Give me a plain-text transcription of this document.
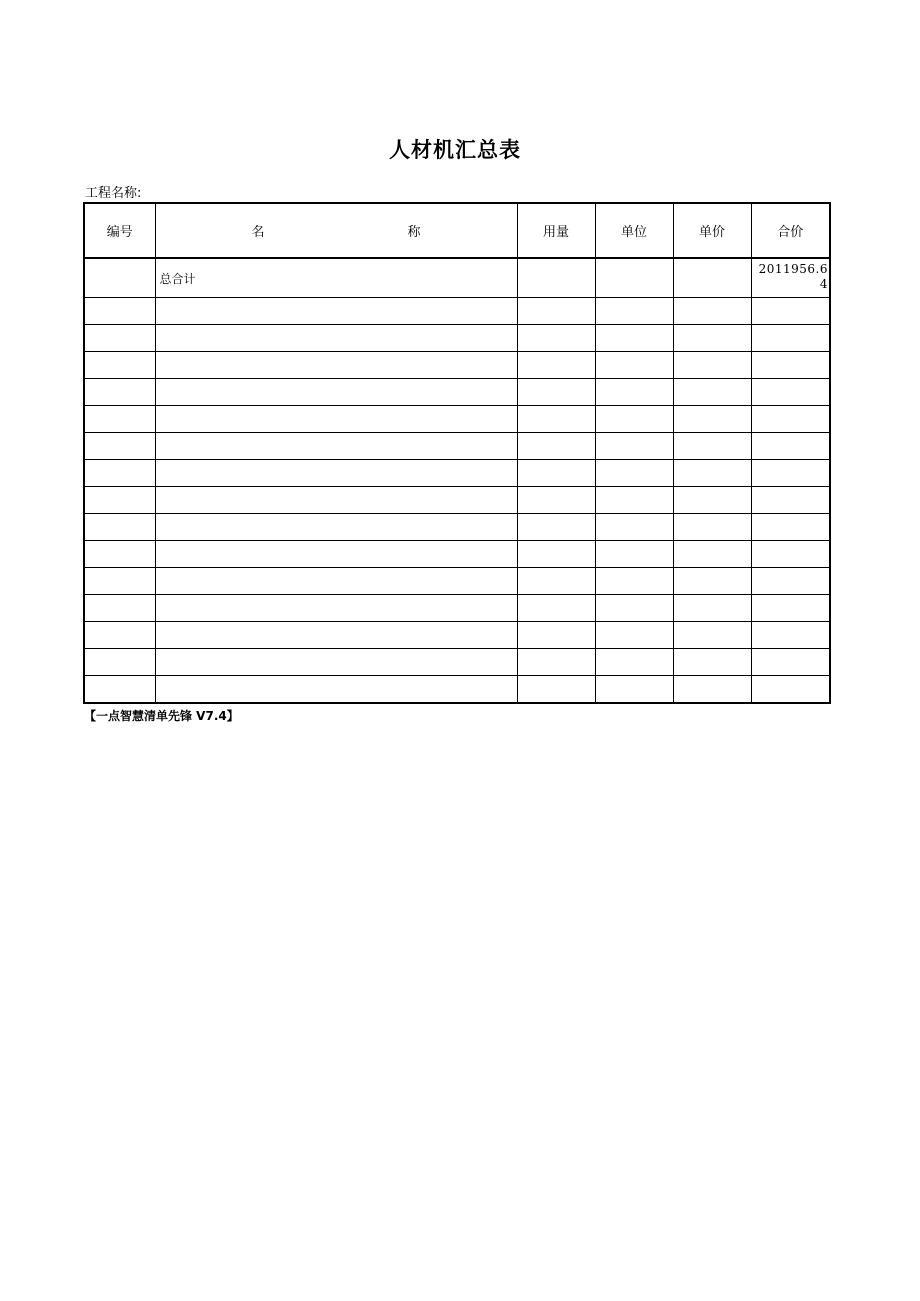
人材机汇总表
工程名称:
编号	名 称	用量	单位	单价	合价
	总合计				2011956.64

【一点智慧清单先锋 V7.4】
